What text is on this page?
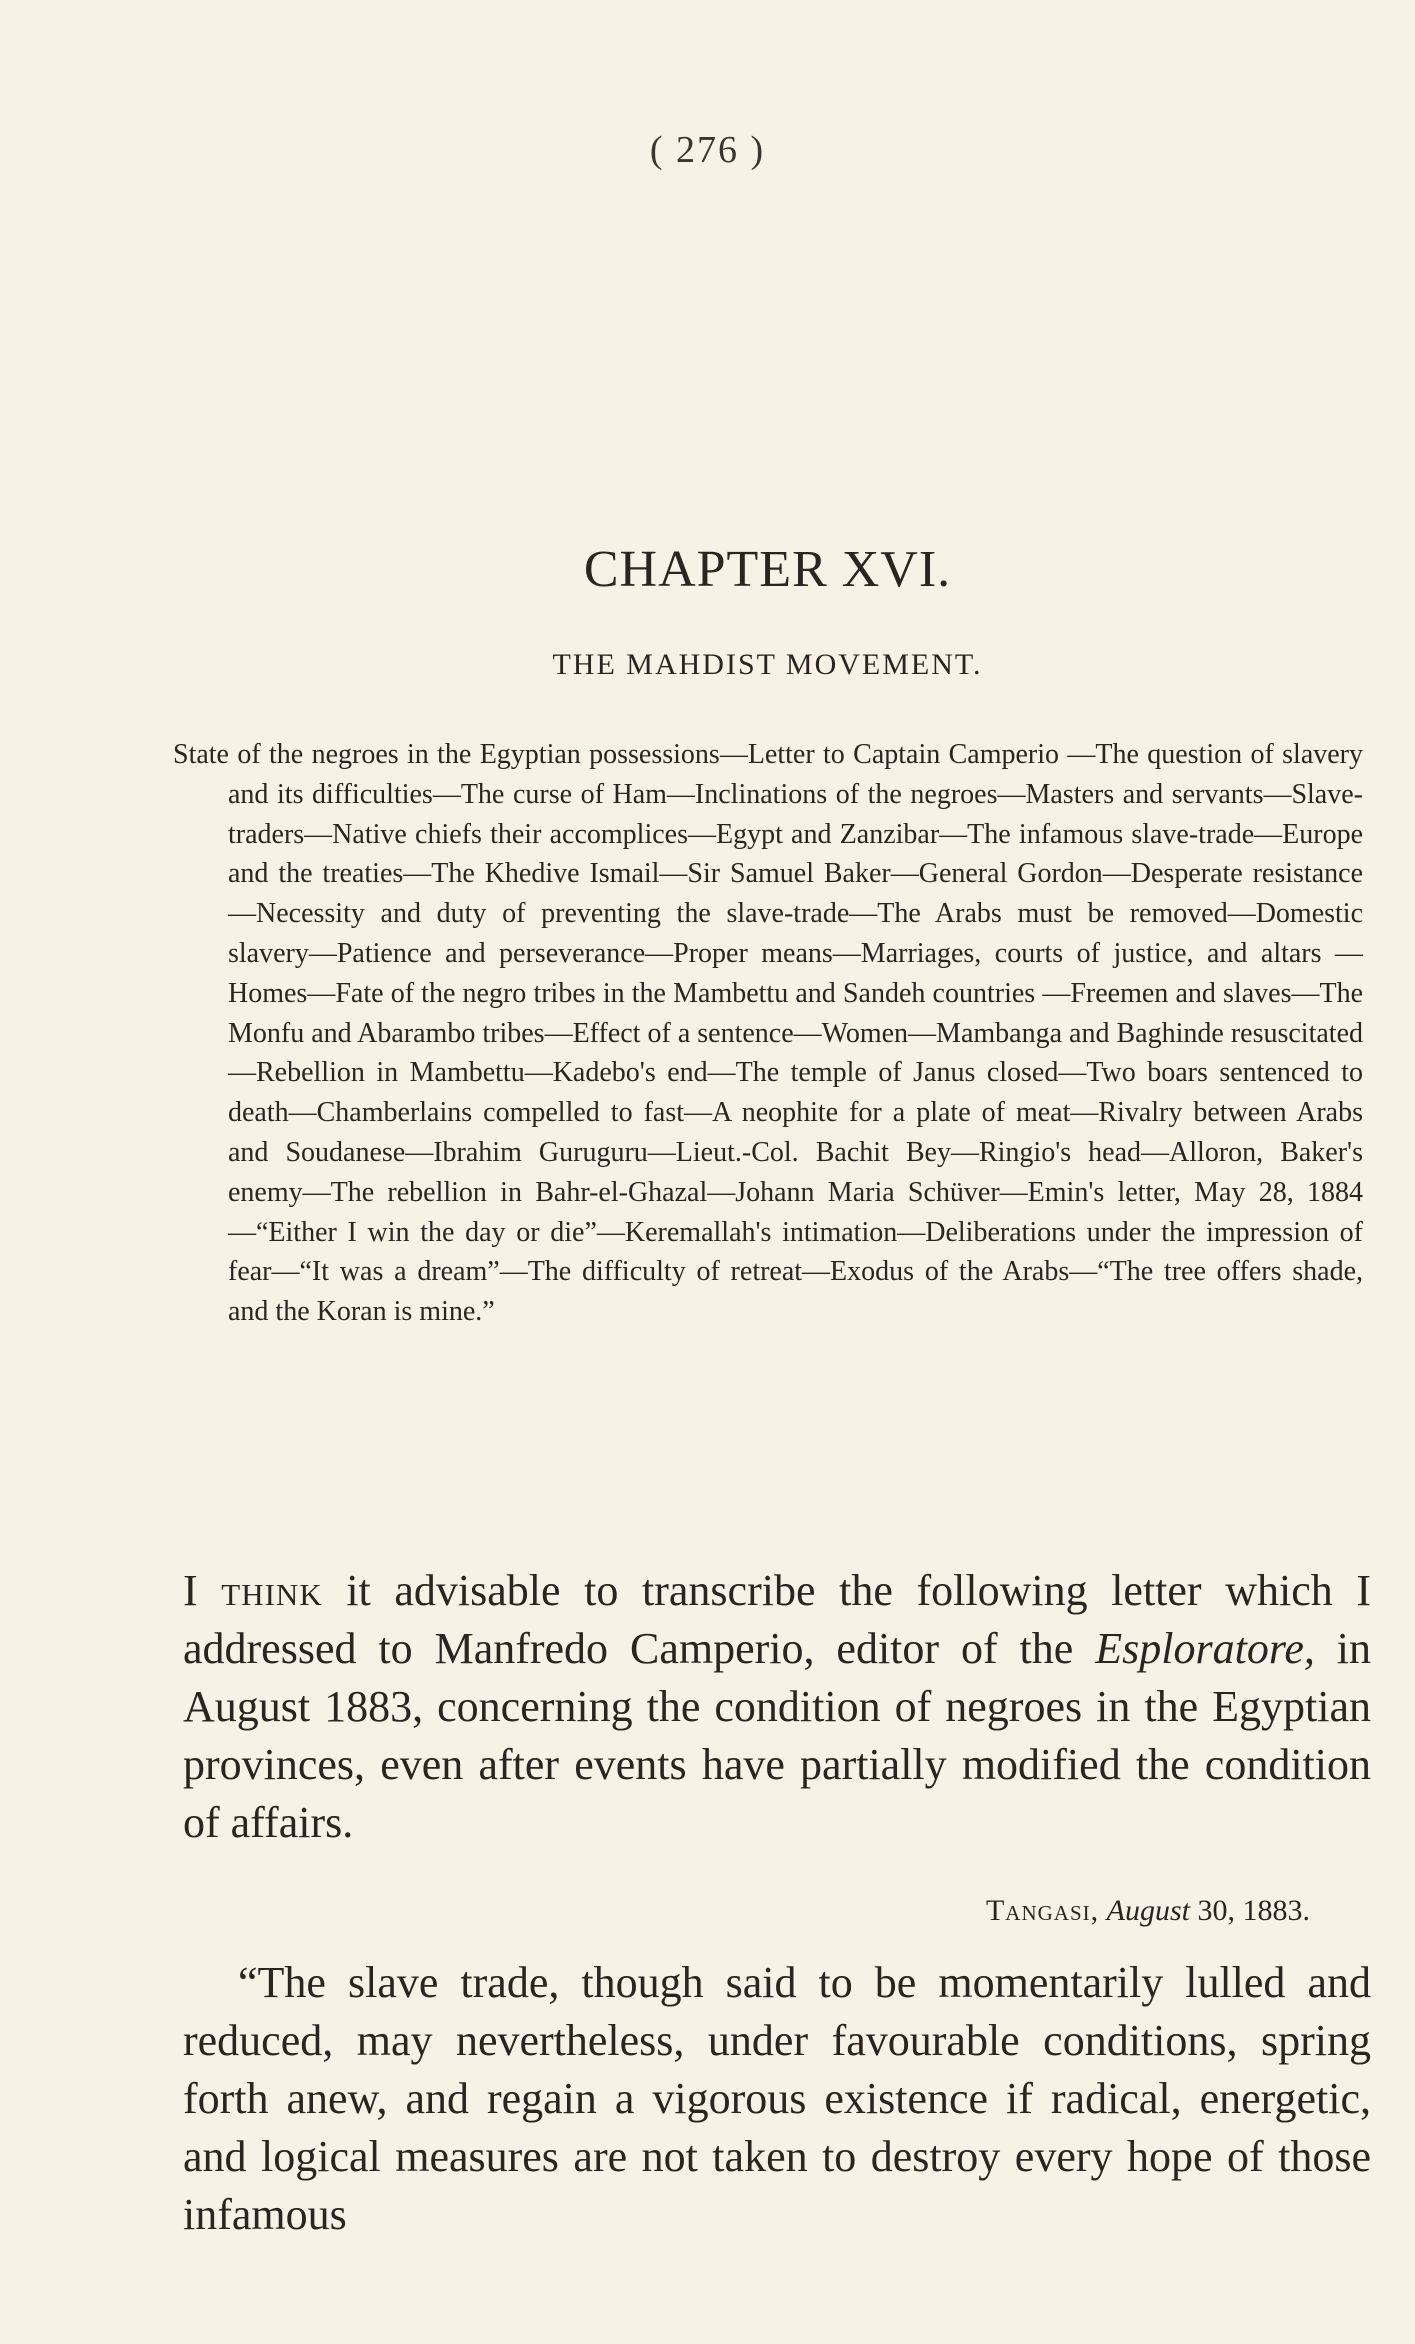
( 276 )
CHAPTER XVI.
THE MAHDIST MOVEMENT.
State of the negroes in the Egyptian possessions—Letter to Captain Camperio —The question of slavery and its difficulties—The curse of Ham—Inclinations of the negroes—Masters and servants—Slave-traders—Native chiefs their accomplices—Egypt and Zanzibar—The infamous slave-trade—Europe and the treaties—The Khedive Ismail—Sir Samuel Baker—General Gordon—Desperate resistance—Necessity and duty of preventing the slave-trade—The Arabs must be removed—Domestic slavery—Patience and perseverance—Proper means—Marriages, courts of justice, and altars —Homes—Fate of the negro tribes in the Mambettu and Sandeh countries —Freemen and slaves—The Monfu and Abarambo tribes—Effect of a sentence—Women—Mambanga and Baghinde resuscitated—Rebellion in Mambettu—Kadebo's end—The temple of Janus closed—Two boars sentenced to death—Chamberlains compelled to fast—A neophite for a plate of meat—Rivalry between Arabs and Soudanese—Ibrahim Guruguru—Lieut.-Col. Bachit Bey—Ringio's head—Alloron, Baker's enemy—The rebellion in Bahr-el-Ghazal—Johann Maria Schüver—Emin's letter, May 28, 1884—“Either I win the day or die”—Keremallah's intimation—Deliberations under the impression of fear—“It was a dream”—The difficulty of retreat—Exodus of the Arabs—“The tree offers shade, and the Koran is mine.”
I think it advisable to transcribe the following letter which I addressed to Manfredo Camperio, editor of the Esploratore, in August 1883, concerning the condition of negroes in the Egyptian provinces, even after events have partially modified the condition of affairs.
Tangasi, August 30, 1883.
“The slave trade, though said to be momentarily lulled and reduced, may nevertheless, under favourable conditions, spring forth anew, and regain a vigorous existence if radical, energetic, and logical measures are not taken to destroy every hope of those infamous
